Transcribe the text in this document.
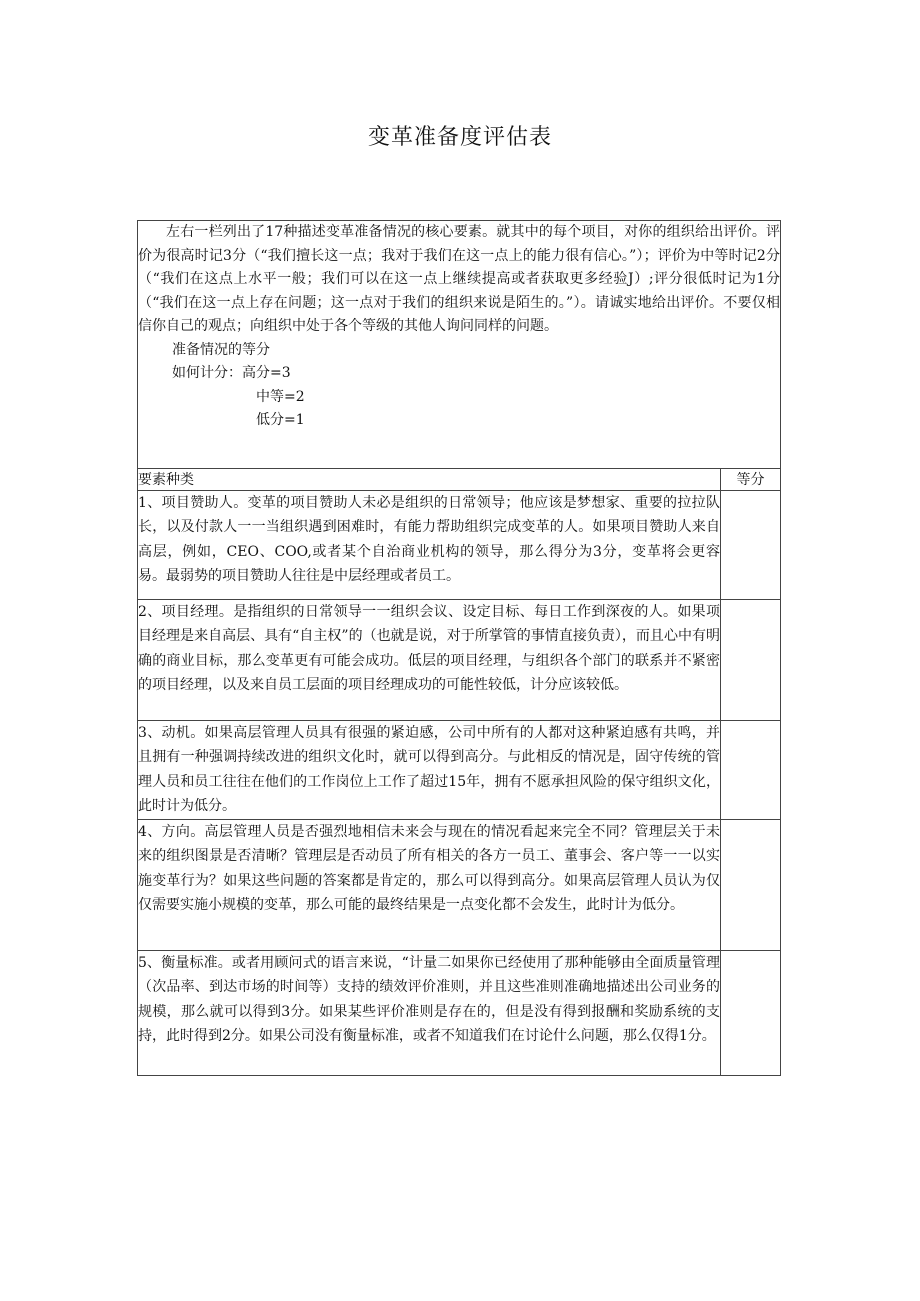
变革准备度评估表

左右一栏列出了17种描述变革准备情况的核心要素。就其中的每个项目，对你的组织给出评价。评价为很高时记3分（“我们擅长这一点；我对于我们在这一点上的能力很有信心。”）；评价为中等时记2分（“我们在这点上水平一般；我们可以在这一点上继续提高或者获取更多经验J）;评分很低时记为1分（“我们在这一点上存在问题；这一点对于我们的组织来说是陌生的。”）。请诚实地给出评价。不要仅相信你自己的观点；向组织中处于各个等级的其他人询问同样的问题。

准备情况的等分
如何计分：高分=3
中等=2
低分=1	

要素种类	等分
1、项目赞助人。变革的项目赞助人未必是组织的日常领导；他应该是梦想家、重要的拉拉队长，以及付款人一一当组织遇到困难时，有能力帮助组织完成变革的人。如果项目赞助人来自高层，例如，CEO、COO,或者某个自治商业机构的领导，那么得分为3分，变革将会更容易。最弱势的项目赞助人往往是中层经理或者员工。	
2、项目经理。是指组织的日常领导一一组织会议、设定目标、每日工作到深夜的人。如果项目经理是来自高层、具有“自主权”的（也就是说，对于所掌管的事情直接负责），而且心中有明确的商业目标，那么变革更有可能会成功。低层的项目经理，与组织各个部门的联系并不紧密的项目经理，以及来自员工层面的项目经理成功的可能性较低，计分应该较低。	
3、动机。如果高层管理人员具有很强的紧迫感，公司中所有的人都对这种紧迫感有共鸣，并且拥有一种强调持续改进的组织文化时，就可以得到高分。与此相反的情况是，固守传统的管理人员和员工往往在他们的工作岗位上工作了超过15年，拥有不愿承担风险的保守组织文化，此时计为低分。	
4、方向。高层管理人员是否强烈地相信未来会与现在的情况看起来完全不同？管理层关于未来的组织图景是否清晰？管理层是否动员了所有相关的各方一员工、董事会、客户等一一以实施变革行为？如果这些问题的答案都是肯定的，那么可以得到高分。如果高层管理人员认为仅仅需要实施小规模的变革，那么可能的最终结果是一点变化都不会发生，此时计为低分。	
5、衡量标准。或者用顾问式的语言来说，“计量二如果你已经使用了那种能够由全面质量管理（次品率、到达市场的时间等）支持的绩效评价准则，并且这些准则准确地描述出公司业务的规模，那么就可以得到3分。如果某些评价准则是存在的，但是没有得到报酬和奖励系统的支持，此时得到2分。如果公司没有衡量标准，或者不知道我们在讨论什么问题，那么仅得1分。	
